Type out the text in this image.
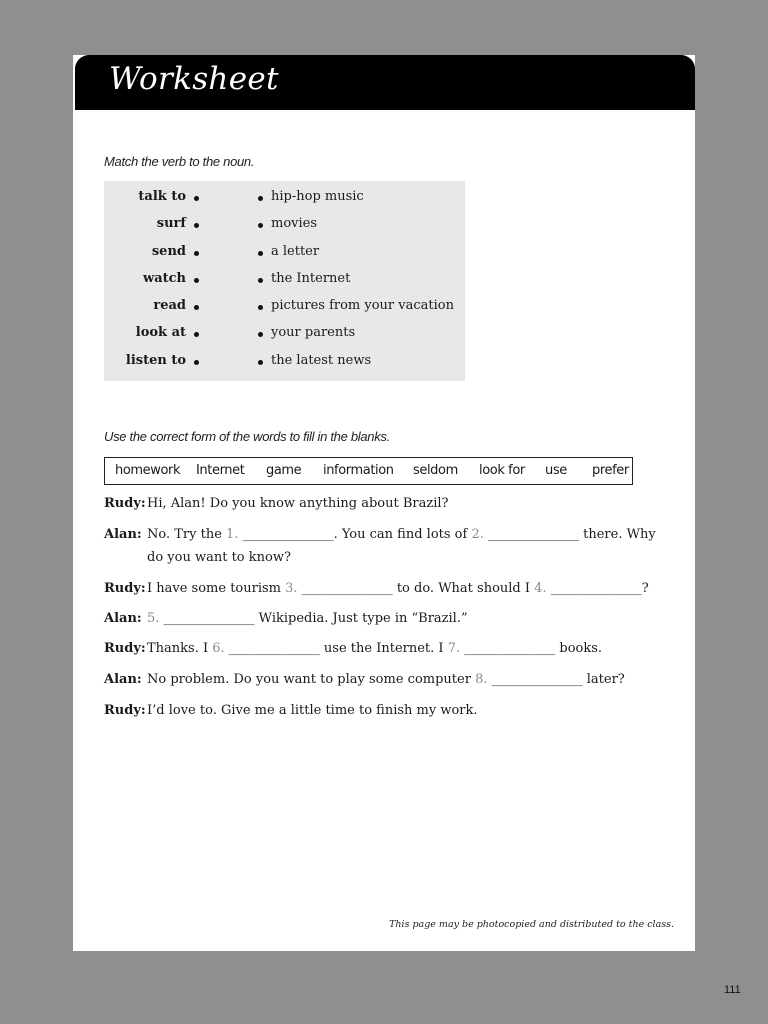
Worksheet
Match the verb to the noun.
talk to	hip-hop music
surf	movies
send	a letter
watch	the Internet
read	pictures from your vacation
look at	your parents
listen to	the latest news
Use the correct form of the words to fill in the blanks.
homework Internet game information seldom look for use prefer
Rudy: Hi, Alan! Do you know anything about Brazil?
Alan: No. Try the 1. ______________. You can find lots of 2. ______________ there. Why do you want to know?
Rudy: I have some tourism 3. ______________ to do. What should I 4. ______________?
Alan: 5. ______________ Wikipedia. Just type in “Brazil.”
Rudy: Thanks. I 6. ______________ use the Internet. I 7. ______________ books.
Alan: No problem. Do you want to play some computer 8. ______________ later?
Rudy: I’d love to. Give me a little time to finish my work.
This page may be photocopied and distributed to the class.
111
